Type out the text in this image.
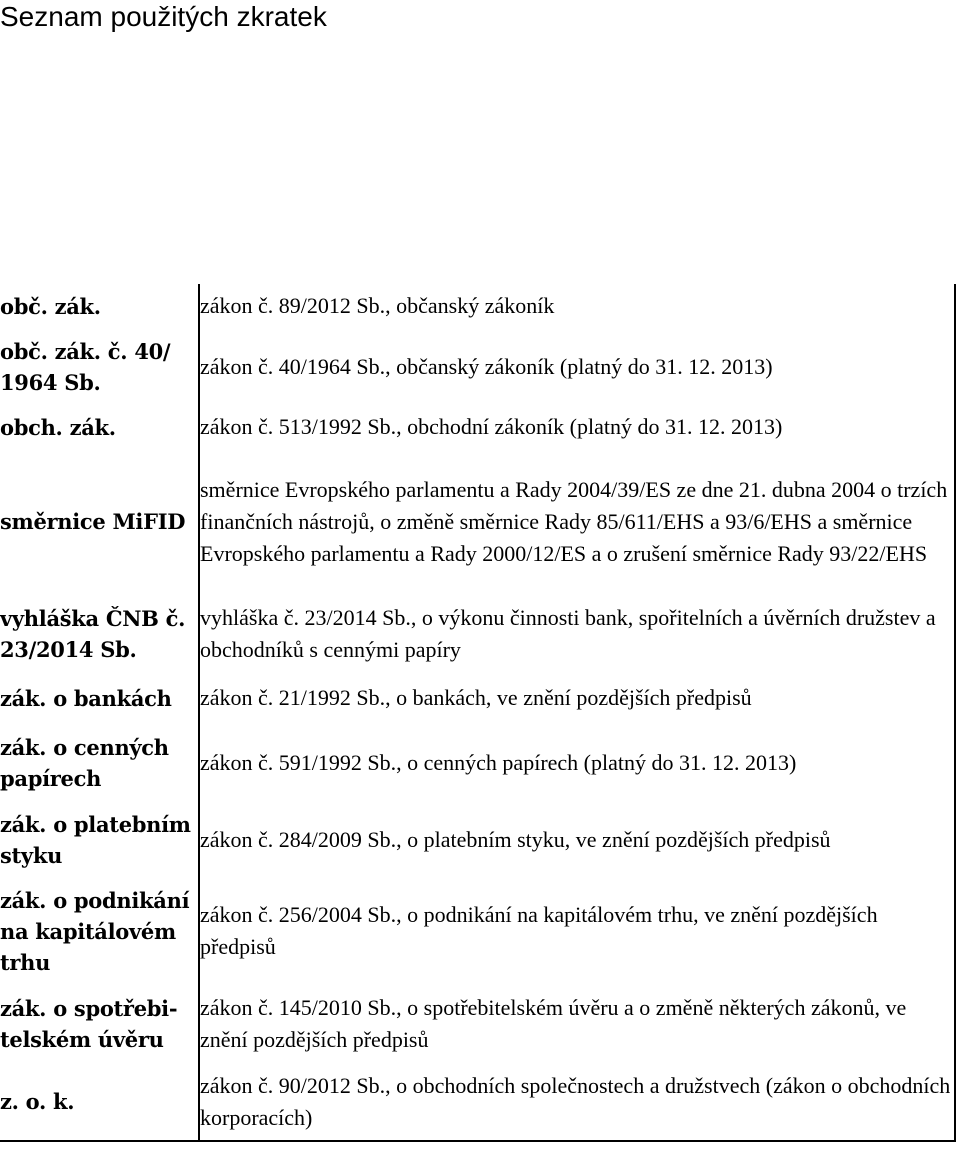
Seznam použitých zkratek
obč. zák.	zákon č. 89/2012 Sb., občanský zákoník
obč. zák. č. 40/ 1964 Sb.	zákon č. 40/1964 Sb., občanský zákoník (platný do 31. 12. 2013)
obch. zák.	zákon č. 513/1992 Sb., obchodní zákoník (platný do 31. 12. 2013)
směrnice MiFID	směrnice Evropského parlamentu a Rady 2004/39/ES ze dne 21. dubna 2004 o trzích finančních nástrojů, o změně směrnice Rady 85/611/EHS a 93/6/EHS a směrnice Evropského parlamentu a Rady 2000/12/ES a o zrušení směrnice Rady 93/22/EHS
vyhláška ČNB č. 23/2014 Sb.	vyhláška č. 23/2014 Sb., o výkonu činnosti bank, spořitelních a úvěrních družstev a obchodníků s cennými papíry
zák. o bankách	zákon č. 21/1992 Sb., o bankách, ve znění pozdějších předpisů
zák. o cenných papírech	zákon č. 591/1992 Sb., o cenných papírech (platný do 31. 12. 2013)
zák. o platebním styku	zákon č. 284/2009 Sb., o platebním styku, ve znění pozdějších předpisů
zák. o podnikání na kapitálovém trhu	zákon č. 256/2004 Sb., o podnikání na kapitálovém trhu, ve znění pozdějších předpisů
zák. o spotřebi-telském úvěru	zákon č. 145/2010 Sb., o spotřebitelském úvěru a o změně některých zákonů, ve znění pozdějších předpisů
z. o. k.	zákon č. 90/2012 Sb., o obchodních společnostech a družstvech (zákon o obchodních korporacích)
